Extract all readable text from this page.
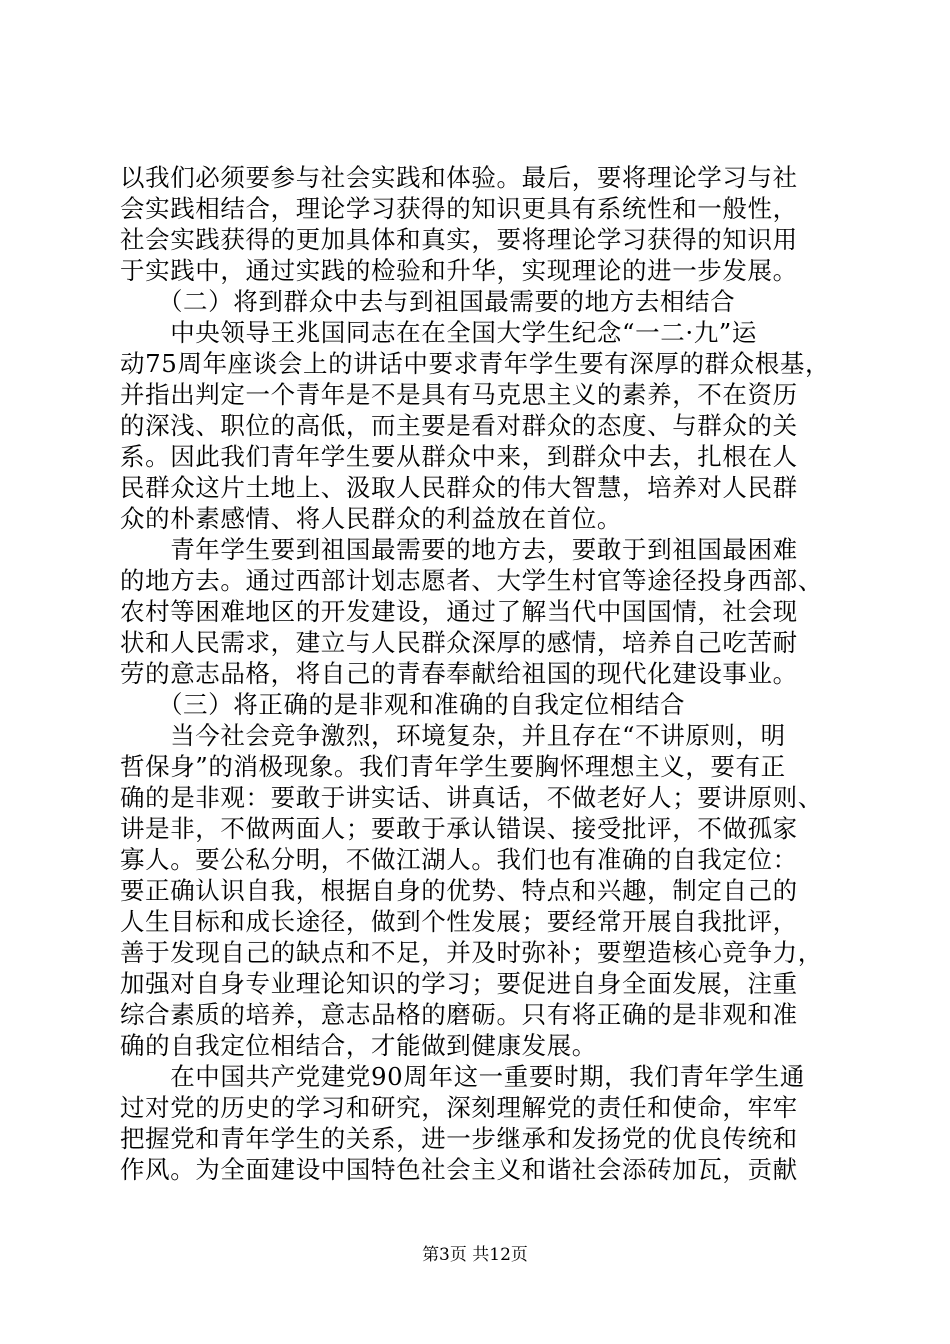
以我们必须要参与社会实践和体验。最后，要将理论学习与社
会实践相结合，理论学习获得的知识更具有系统性和一般性，
社会实践获得的更加具体和真实，要将理论学习获得的知识用
于实践中，通过实践的检验和升华，实现理论的进一步发展。
　　（二）将到群众中去与到祖国最需要的地方去相结合
　　中央领导王兆国同志在在全国大学生纪念“一二·九”运
动75周年座谈会上的讲话中要求青年学生要有深厚的群众根基，
并指出判定一个青年是不是具有马克思主义的素养，不在资历
的深浅、职位的高低，而主要是看对群众的态度、与群众的关
系。因此我们青年学生要从群众中来，到群众中去，扎根在人
民群众这片土地上、汲取人民群众的伟大智慧，培养对人民群
众的朴素感情、将人民群众的利益放在首位。
　　青年学生要到祖国最需要的地方去，要敢于到祖国最困难
的地方去。通过西部计划志愿者、大学生村官等途径投身西部、
农村等困难地区的开发建设，通过了解当代中国国情，社会现
状和人民需求，建立与人民群众深厚的感情，培养自己吃苦耐
劳的意志品格，将自己的青春奉献给祖国的现代化建设事业。
　　（三）将正确的是非观和准确的自我定位相结合
　　当今社会竞争激烈，环境复杂，并且存在“不讲原则，明
哲保身”的消极现象。我们青年学生要胸怀理想主义，要有正
确的是非观：要敢于讲实话、讲真话，不做老好人；要讲原则、
讲是非，不做两面人；要敢于承认错误、接受批评，不做孤家
寡人。要公私分明，不做江湖人。我们也有准确的自我定位：
要正确认识自我，根据自身的优势、特点和兴趣，制定自己的
人生目标和成长途径，做到个性发展；要经常开展自我批评，
善于发现自己的缺点和不足，并及时弥补；要塑造核心竞争力，
加强对自身专业理论知识的学习；要促进自身全面发展，注重
综合素质的培养，意志品格的磨砺。只有将正确的是非观和准
确的自我定位相结合，才能做到健康发展。
　　在中国共产党建党90周年这一重要时期，我们青年学生通
过对党的历史的学习和研究，深刻理解党的责任和使命，牢牢
把握党和青年学生的关系，进一步继承和发扬党的优良传统和
作风。为全面建设中国特色社会主义和谐社会添砖加瓦，贡献
第3页 共12页
